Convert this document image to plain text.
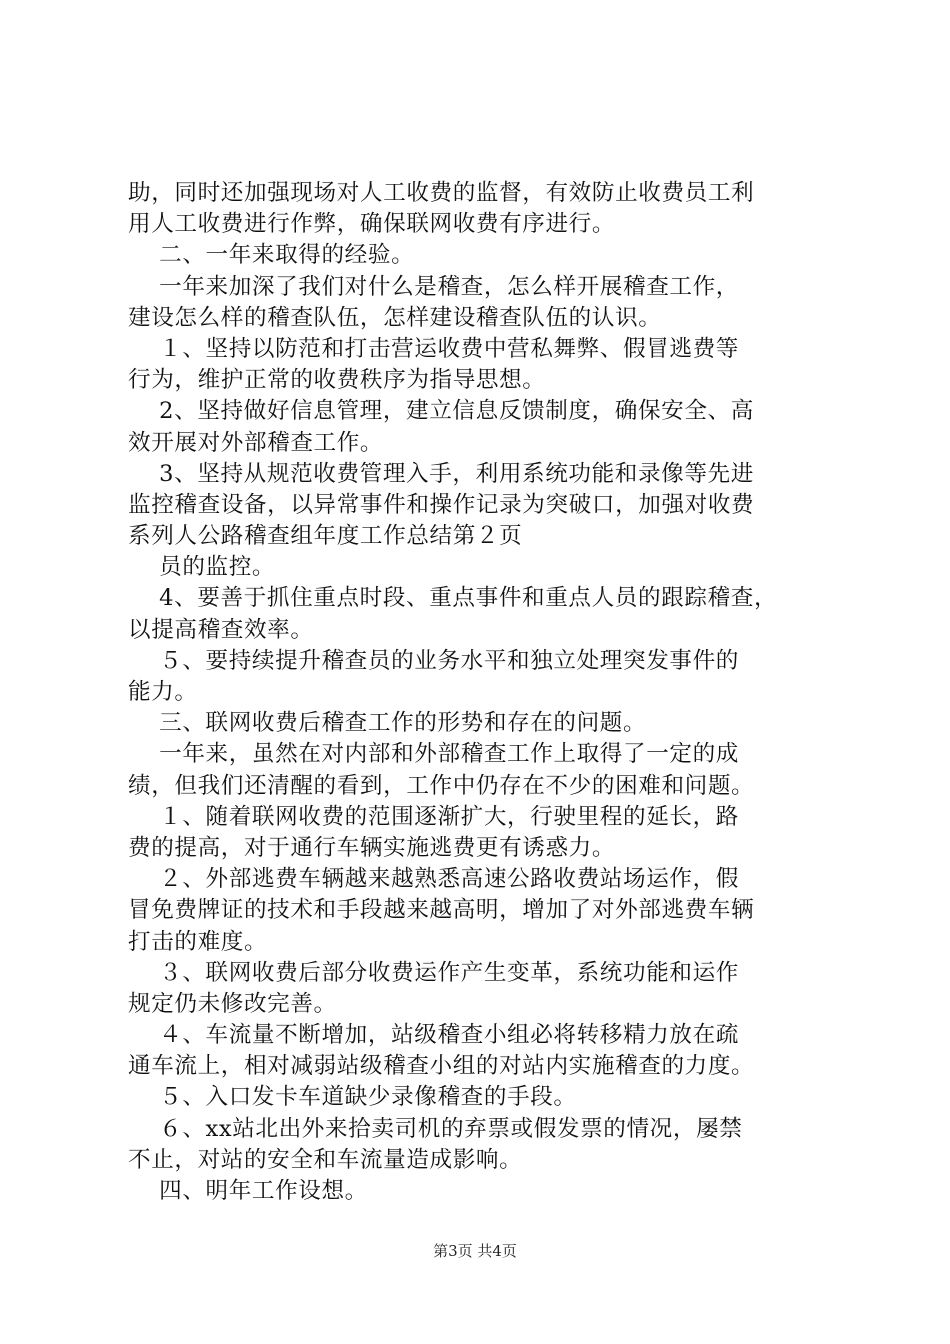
助，同时还加强现场对人工收费的监督，有效防止收费员工利
用人工收费进行作弊，确保联网收费有序进行。
二、一年来取得的经验。
一年来加深了我们对什么是稽查，怎么样开展稽查工作，
建设怎么样的稽查队伍，怎样建设稽查队伍的认识。
１、坚持以防范和打击营运收费中营私舞弊、假冒逃费等
行为，维护正常的收费秩序为指导思想。
2、坚持做好信息管理，建立信息反馈制度，确保安全、高
效开展对外部稽查工作。
3、坚持从规范收费管理入手，利用系统功能和录像等先进
监控稽查设备，以异常事件和操作记录为突破口，加强对收费
系列人公路稽查组年度工作总结第２页
员的监控。
4、要善于抓住重点时段、重点事件和重点人员的跟踪稽查，
以提高稽查效率。
５、要持续提升稽查员的业务水平和独立处理突发事件的
能力。
三、联网收费后稽查工作的形势和存在的问题。
一年来，虽然在对内部和外部稽查工作上取得了一定的成
绩，但我们还清醒的看到，工作中仍存在不少的困难和问题。
１、随着联网收费的范围逐渐扩大，行驶里程的延长，路
费的提高，对于通行车辆实施逃费更有诱惑力。
２、外部逃费车辆越来越熟悉高速公路收费站场运作，假
冒免费牌证的技术和手段越来越高明，增加了对外部逃费车辆
打击的难度。
３、联网收费后部分收费运作产生变革，系统功能和运作
规定仍未修改完善。
４、车流量不断增加，站级稽查小组必将转移精力放在疏
通车流上，相对减弱站级稽查小组的对站内实施稽查的力度。
５、入口发卡车道缺少录像稽查的手段。
６、xx站北出外来拾卖司机的弃票或假发票的情况，屡禁
不止，对站的安全和车流量造成影响。
四、明年工作设想。
第3页 共4页
